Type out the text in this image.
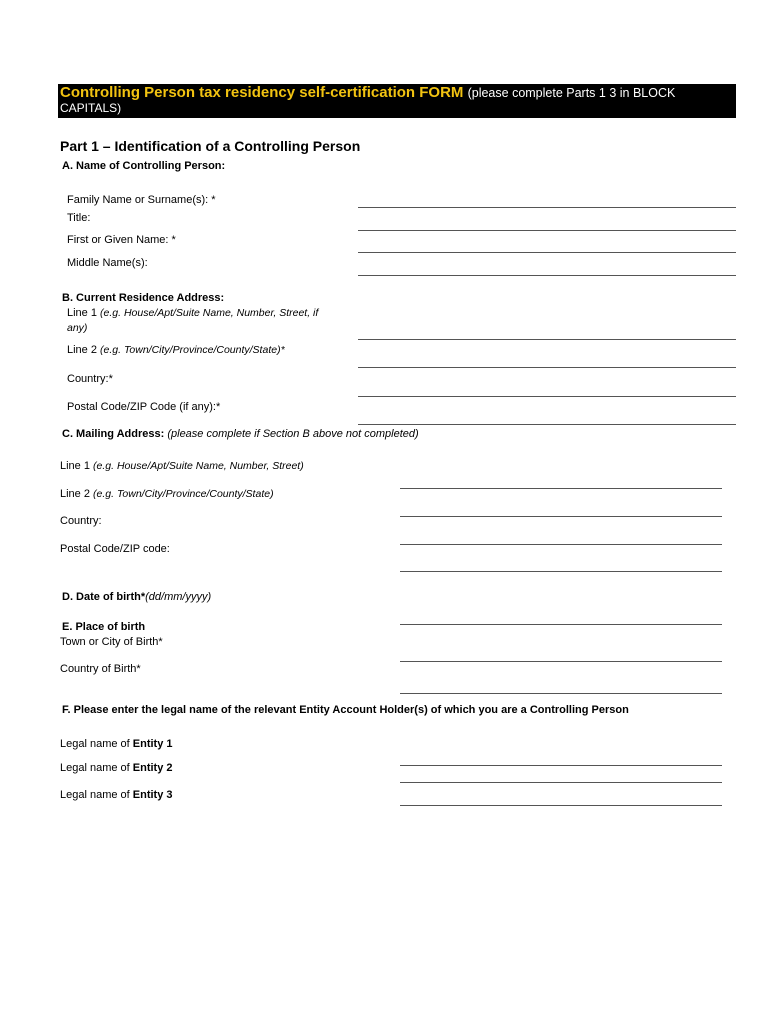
Controlling Person tax residency self-certification FORM (please complete Parts 1 3 in BLOCK
CAPITALS)
Part 1 – Identification of a Controlling Person
A. Name of Controlling Person:
Family Name or Surname(s): *
Title:
First or Given Name: *
Middle Name(s):
B. Current Residence Address:
Line 1 (e.g. House/Apt/Suite Name, Number, Street, if
any)
Line 2 (e.g. Town/City/Province/County/State)*
Country:*
Postal Code/ZIP Code (if any):*
C. Mailing Address: (please complete if Section B above not completed)
Line 1 (e.g. House/Apt/Suite Name, Number, Street)
Line 2 (e.g. Town/City/Province/County/State)
Country:
Postal Code/ZIP code:
D. Date of birth*(dd/mm/yyyy)
E. Place of birth
Town or City of Birth*
Country of Birth*
F. Please enter the legal name of the relevant Entity Account Holder(s) of which you are a Controlling Person
Legal name of Entity 1
Legal name of Entity 2
Legal name of Entity 3
